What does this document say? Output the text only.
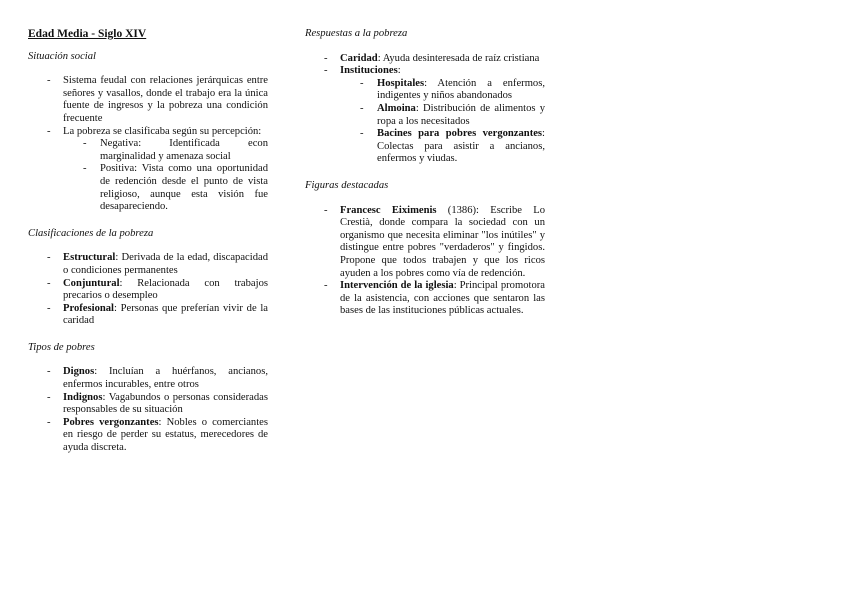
Edad Media - Siglo XIV
Situación social
- Sistema feudal con relaciones jerárquicas entre señores y vasallos, donde el trabajo era la única fuente de ingresos y la pobreza una condición frecuente
- La pobreza se clasificaba según su percepción:
- Negativa: Identificada econ marginalidad y amenaza social
- Positiva: Vista como una oportunidad de redención desde el punto de vista religioso, aunque esta visión fue desapareciendo.
Clasificaciones de la pobreza
- Estructural: Derivada de la edad, discapacidad o condiciones permanentes
- Conjuntural: Relacionada con trabajos precarios o desempleo
- Profesional: Personas que preferían vivir de la caridad
Tipos de pobres
- Dignos: Incluían a huérfanos, ancianos, enfermos incurables, entre otros
- Indignos: Vagabundos o personas consideradas responsables de su situación
- Pobres vergonzantes: Nobles o comerciantes en riesgo de perder su estatus, merecedores de ayuda discreta.
Respuestas a la pobreza
- Caridad: Ayuda desinteresada de raíz cristiana
- Instituciones:
- Hospitales: Atención a enfermos, indigentes y niños abandonados
- Almoina: Distribución de alimentos y ropa a los necesitados
- Bacines para pobres vergonzantes: Colectas para asistir a ancianos, enfermos y viudas.
Figuras destacadas
- Francesc Eiximenis (1386): Escribe Lo Crestià, donde compara la sociedad con un organismo que necesita eliminar "los inútiles" y distingue entre pobres "verdaderos" y fingidos. Propone que todos trabajen y que los ricos ayuden a los pobres como vía de redención.
- Intervención de la iglesia: Principal promotora de la asistencia, con acciones que sentaron las bases de las instituciones públicas actuales.
